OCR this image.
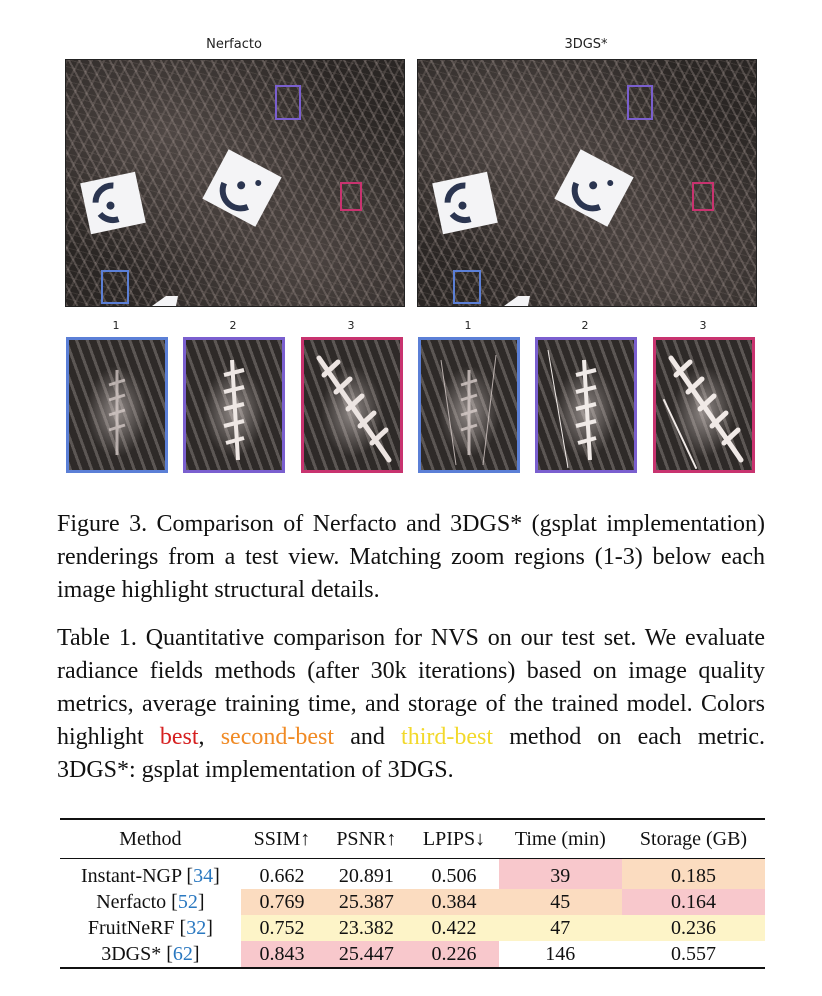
Nerfacto	3DGS*
1	2	3	1	2	3

Figure 3. Comparison of Nerfacto and 3DGS* (gsplat implementation) renderings from a test view. Matching zoom regions (1-3) below each image highlight structural details.

Table 1. Quantitative comparison for NVS on our test set. We evaluate radiance fields methods (after 30k iterations) based on image quality metrics, average training time, and storage of the trained model. Colors highlight best, second-best and third-best method on each metric. 3DGS*: gsplat implementation of 3DGS.

Method	SSIM↑	PSNR↑	LPIPS↓	Time (min)	Storage (GB)
Instant-NGP [34]	0.662	20.891	0.506	39	0.185
Nerfacto [52]	0.769	25.387	0.384	45	0.164
FruitNeRF [32]	0.752	23.382	0.422	47	0.236
3DGS* [62]	0.843	25.447	0.226	146	0.557
